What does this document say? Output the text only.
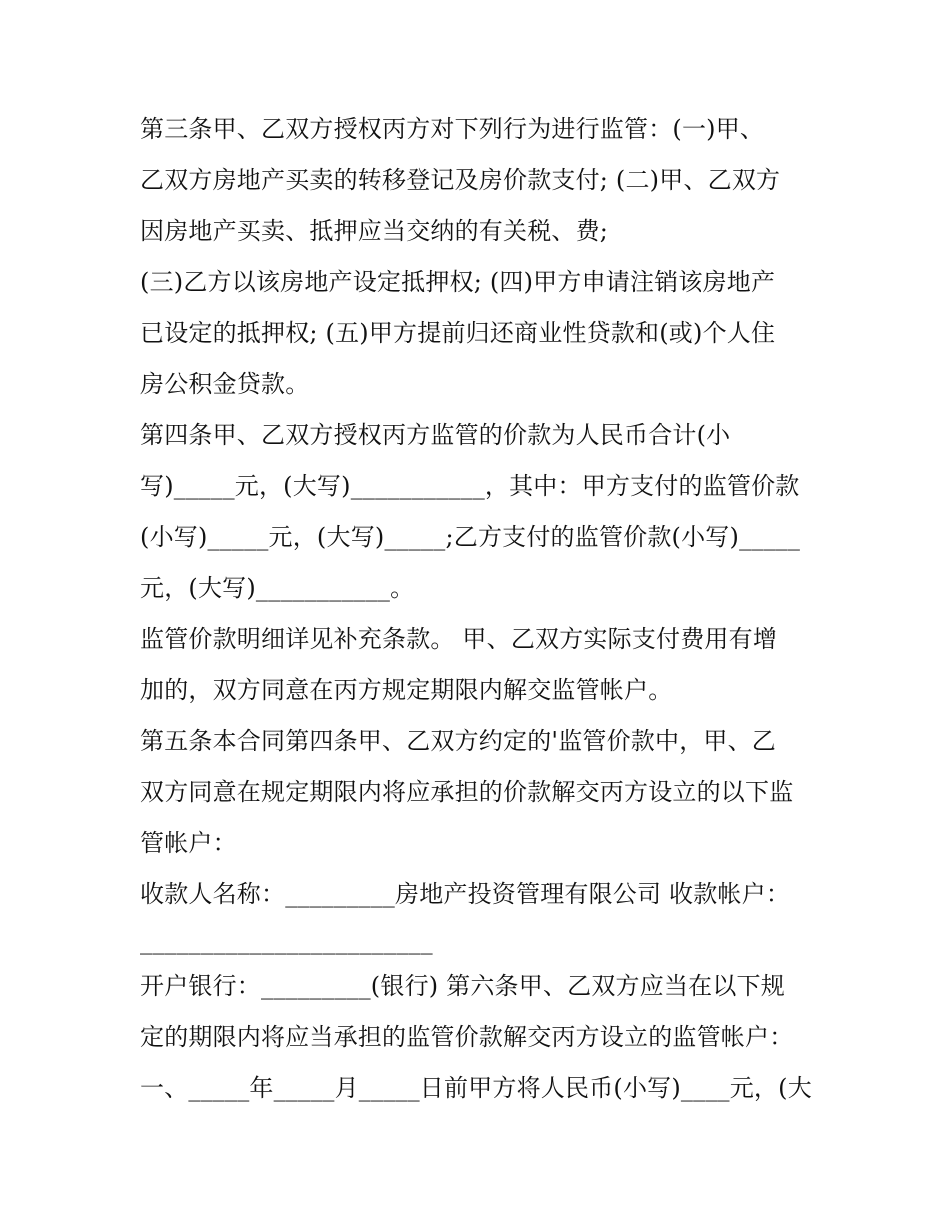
第三条甲、乙双方授权丙方对下列行为进行监管：(一)甲、
乙双方房地产买卖的转移登记及房价款支付; (二)甲、乙双方
因房地产买卖、抵押应当交纳的有关税、费;
(三)乙方以该房地产设定抵押权; (四)甲方申请注销该房地产
已设定的抵押权; (五)甲方提前归还商业性贷款和(或)个人住
房公积金贷款。
第四条甲、乙双方授权丙方监管的价款为人民币合计(小
写)_____元，(大写)___________，其中：甲方支付的监管价款
(小写)_____元，(大写)_____;乙方支付的监管价款(小写)_____
元，(大写)___________。
监管价款明细详见补充条款。 甲、乙双方实际支付费用有增
加的，双方同意在丙方规定期限内解交监管帐户。
第五条本合同第四条甲、乙双方约定的'监管价款中，甲、乙
双方同意在规定期限内将应承担的价款解交丙方设立的以下监
管帐户：
收款人名称：_________房地产投资管理有限公司 收款帐户：
________________________
开户银行：_________(银行) 第六条甲、乙双方应当在以下规
定的期限内将应当承担的监管价款解交丙方设立的监管帐户：
一、_____年_____月_____日前甲方将人民币(小写)____元，(大
